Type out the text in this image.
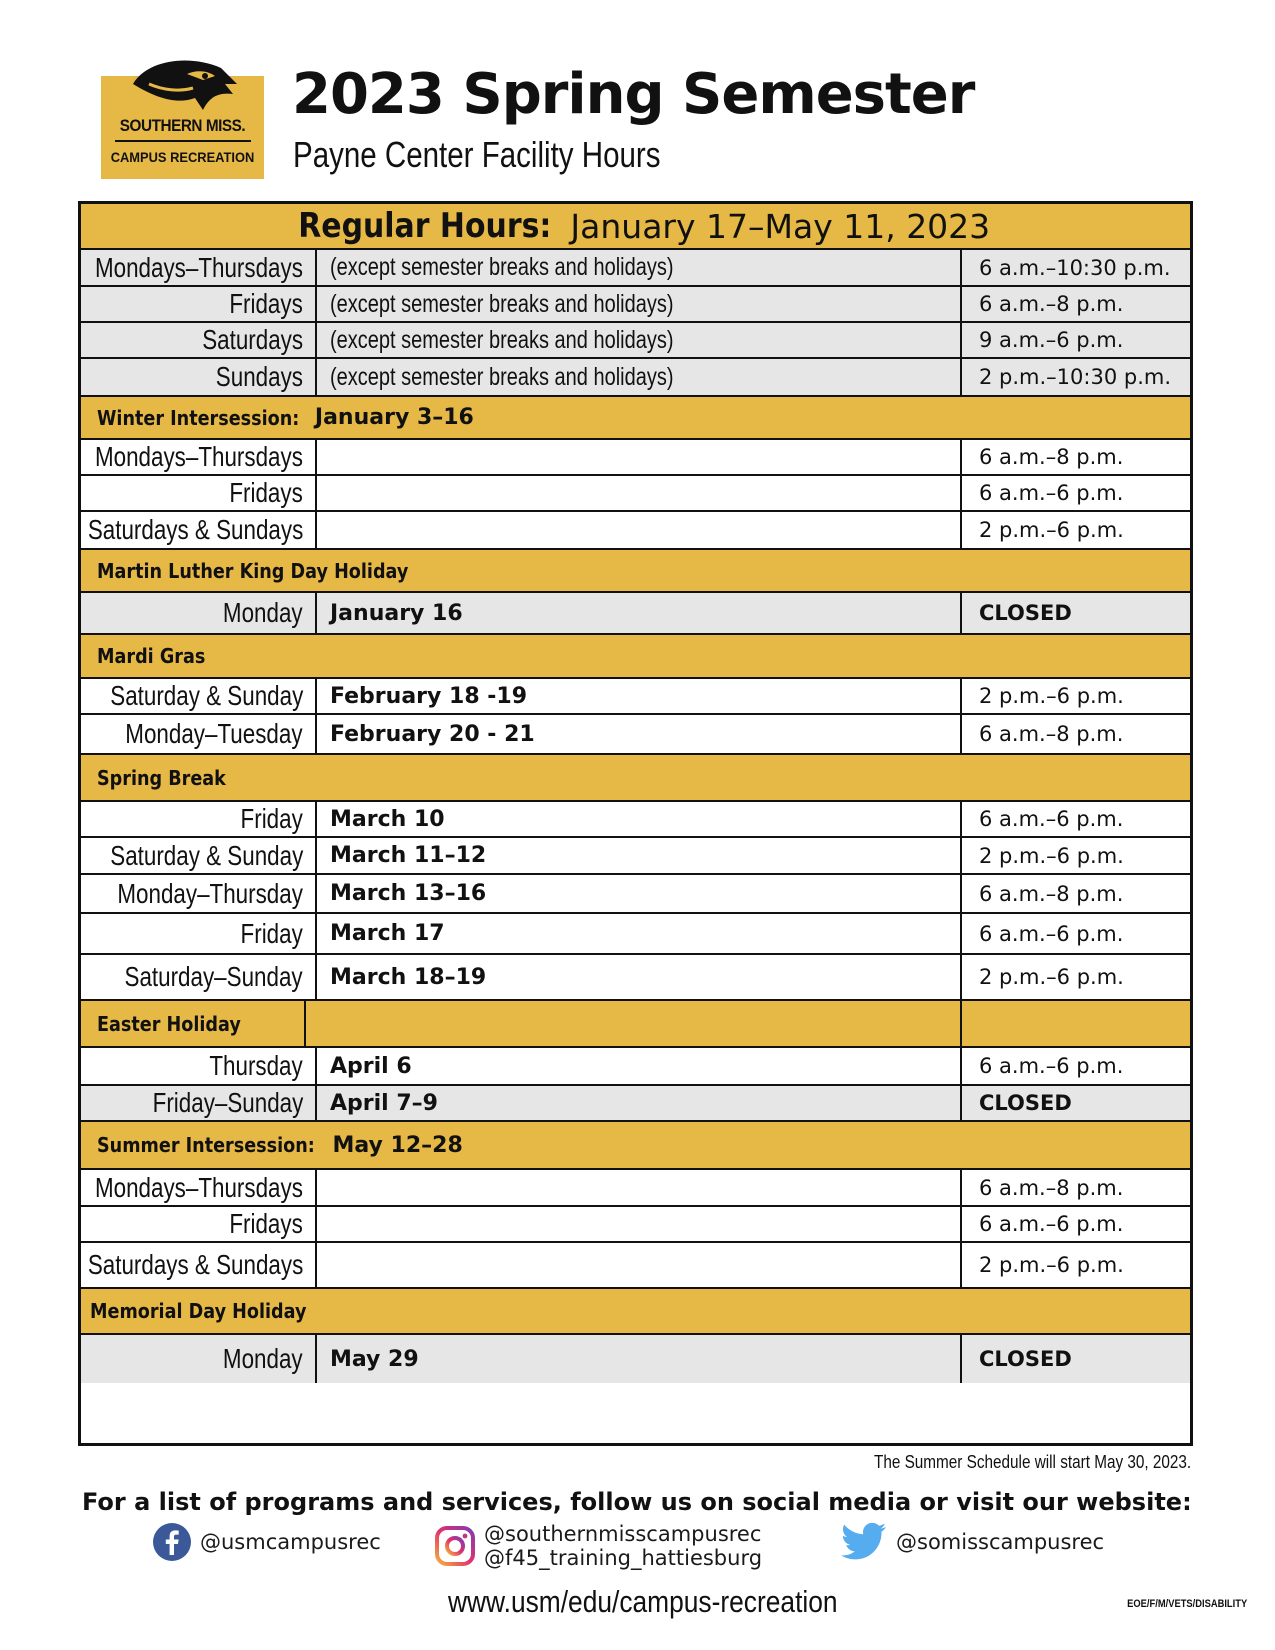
SOUTHERN MISS.
CAMPUS RECREATION
2023 Spring Semester
Payne Center Facility Hours
Regular Hours: January 17–May 11, 2023
Mondays–Thursdays (except semester breaks and holidays)	6 a.m.–10:30 p.m.
Fridays (except semester breaks and holidays)	6 a.m.–8 p.m.
Saturdays (except semester breaks and holidays)	9 a.m.–6 p.m.
Sundays (except semester breaks and holidays)	2 p.m.–10:30 p.m.
Winter Intersession: January 3–16
Mondays–Thursdays	6 a.m.–8 p.m.
Fridays	6 a.m.–6 p.m.
Saturdays & Sundays	2 p.m.–6 p.m.
Martin Luther King Day Holiday
Monday January 16	CLOSED
Mardi Gras
Saturday & Sunday February 18 -19	2 p.m.–6 p.m.
Monday–Tuesday February 20 - 21	6 a.m.–8 p.m.
Spring Break
Friday March 10	6 a.m.–6 p.m.
Saturday & Sunday March 11–12	2 p.m.–6 p.m.
Monday–Thursday March 13–16	6 a.m.–8 p.m.
Friday March 17	6 a.m.–6 p.m.
Saturday–Sunday March 18–19	2 p.m.–6 p.m.
Easter Holiday
Thursday April 6	6 a.m.–6 p.m.
Friday–Sunday April 7–9	CLOSED
Summer Intersession: May 12–28
Mondays–Thursdays	6 a.m.–8 p.m.
Fridays	6 a.m.–6 p.m.
Saturdays & Sundays	2 p.m.–6 p.m.
Memorial Day Holiday
Monday May 29	CLOSED
The Summer Schedule will start May 30, 2023.
For a list of programs and services, follow us on social media or visit our website:
@usmcampusrec	@southernmisscampusrec
@f45_training_hattiesburg
@somisscampusrec
www.usm/edu/campus-recreation	EOE/F/M/VETS/DISABILITY
